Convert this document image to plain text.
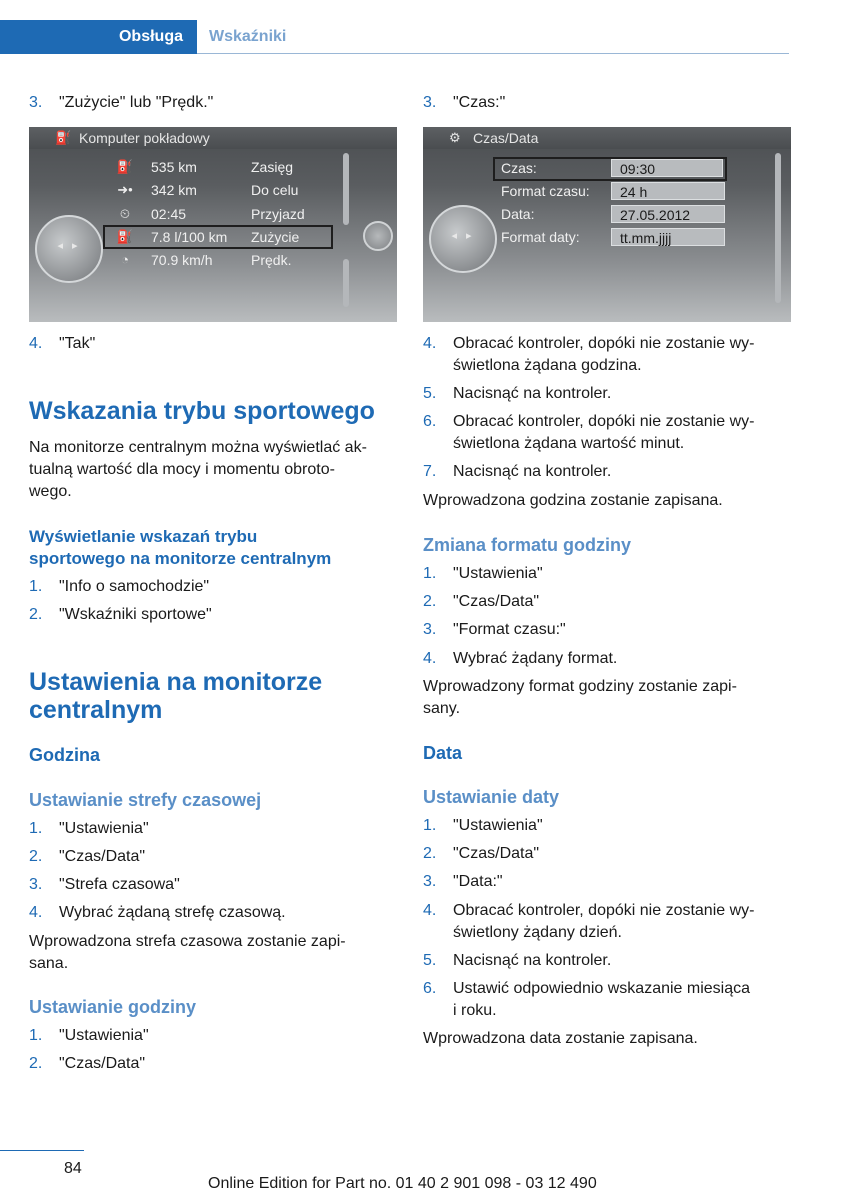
Obsługa	Wskaźniki
3. "Zużycie" lub "Prędk."
Komputer pokładowy
⛽
◂ ▸
⛽ 535 km	Zasięg
➜•	342 km	Do celu
⏲	02:45	Przyjazd
⛽ 7.8 l/100 km Zużycie
◔	70.9 km/h	Prędk.
4. "Tak"
Wskazania trybu sportowego

Na monitorze centralnym można wyświetlać ak-

tualną wartość dla mocy i momentu obroto-

wego.

Wyświetlanie wskazań trybu

sportowego na monitorze centralnym

1. "Info o samochodzie"
2. "Wskaźniki sportowe"

Ustawienia na monitorze

centralnym

Godzina

Ustawianie strefy czasowej

1. "Ustawienia"
2. "Czas/Data"
3. "Strefa czasowa"
4. Wybrać żądaną strefę czasową.

Wprowadzona strefa czasowa zostanie zapi-

sana.

Ustawianie godziny

1. "Ustawienia"
2. "Czas/Data"
3. "Czas:"
Czas/Data
⚙
◂ ▸
Czas:	09:30
Format czasu:	24 h
Data:	27.05.2012
Format daty:	tt.mm.jjjj
4. Obracać kontroler, dopóki nie zostanie wy-

świetlona żądana godzina.

5. Nacisnąć na kontroler.

6. Obracać kontroler, dopóki nie zostanie wy-

świetlona żądana wartość minut.

7. Nacisnąć na kontroler.

Wprowadzona godzina zostanie zapisana.

Zmiana formatu godziny

1. "Ustawienia"
2. "Czas/Data"
3. "Format czasu:"
4. Wybrać żądany format.

Wprowadzony format godziny zostanie zapi-

sany.

Data

Ustawianie daty

1. "Ustawienia"

2. "Czas/Data"

3. "Data:"

4. Obracać kontroler, dopóki nie zostanie wy-

świetlony żądany dzień.

5. Nacisnąć na kontroler.

6. Ustawić odpowiednio wskazanie miesiąca

i roku.

Wprowadzona data zostanie zapisana.

84
Online Edition for Part no. 01 40 2 901 098 - 03 12 490
